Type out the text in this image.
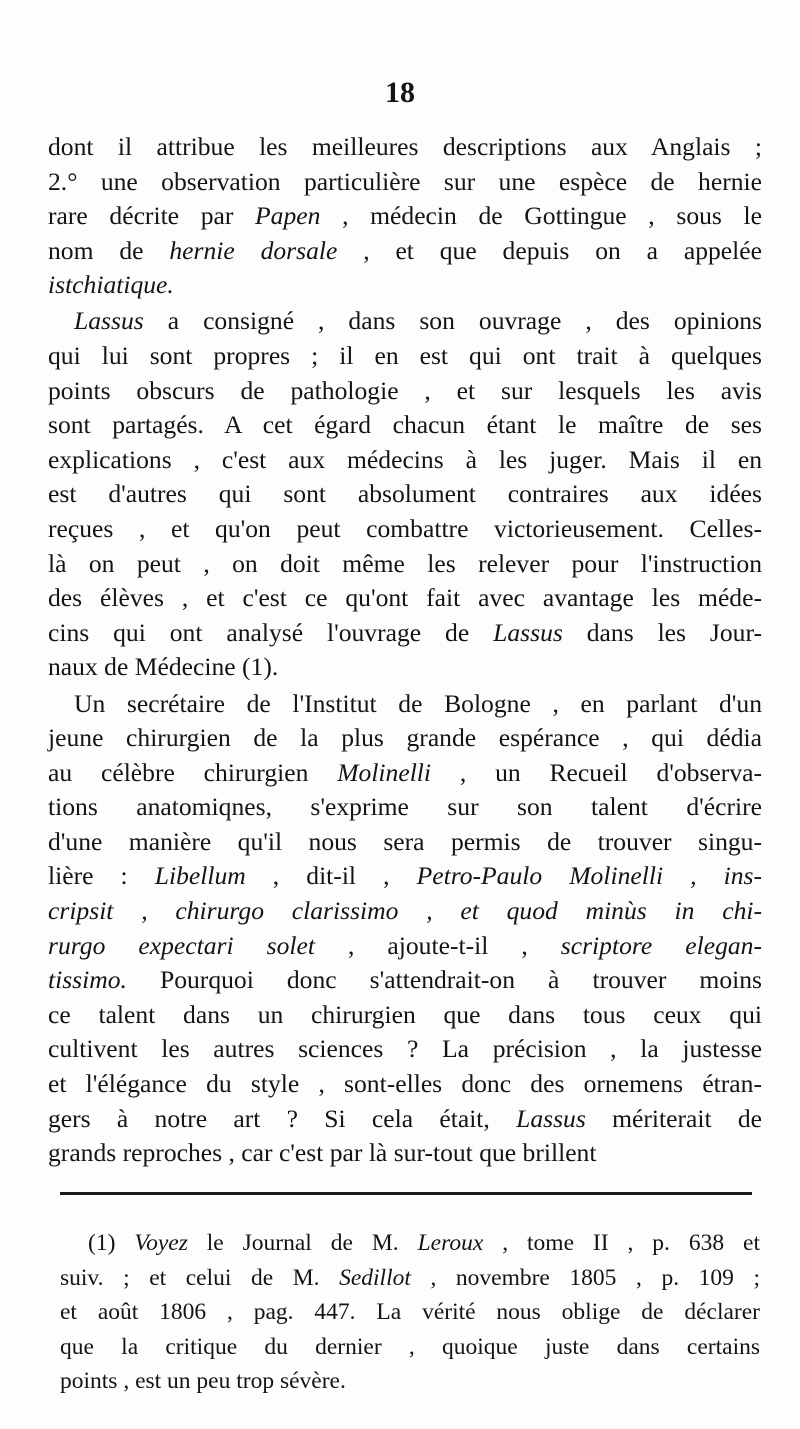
18
dont il attribue les meilleures descriptions aux Anglais ;
2.° une observation particulière sur une espèce de hernie
rare décrite par Papen , médecin de Gottingue , sous le
nom de hernie dorsale , et que depuis on a appelée
istchiatique.
Lassus a consigné , dans son ouvrage , des opinions
qui lui sont propres ; il en est qui ont trait à quelques
points obscurs de pathologie , et sur lesquels les avis
sont partagés. A cet égard chacun étant le maître de ses
explications , c'est aux médecins à les juger. Mais il en
est d'autres qui sont absolument contraires aux idées
reçues , et qu'on peut combattre victorieusement. Celles-
là on peut , on doit même les relever pour l'instruction
des élèves , et c'est ce qu'ont fait avec avantage les méde-
cins qui ont analysé l'ouvrage de Lassus dans les Jour-
naux de Médecine (1).
Un secrétaire de l'Institut de Bologne , en parlant d'un
jeune chirurgien de la plus grande espérance , qui dédia
au célèbre chirurgien Molinelli , un Recueil d'observa-
tions anatomiqnes, s'exprime sur son talent d'écrire
d'une manière qu'il nous sera permis de trouver singu-
lière : Libellum , dit-il , Petro-Paulo Molinelli , ins-
cripsit , chirurgo clarissimo , et quod minùs in chi-
rurgo expectari solet , ajoute-t-il , scriptore elegan-
tissimo. Pourquoi donc s'attendrait-on à trouver moins
ce talent dans un chirurgien que dans tous ceux qui
cultivent les autres sciences ? La précision , la justesse
et l'élégance du style , sont-elles donc des ornemens étran-
gers à notre art ? Si cela était, Lassus mériterait de
grands reproches , car c'est par là sur-tout que brillent
(1) Voyez le Journal de M. Leroux , tome II , p. 638 et
suiv. ; et celui de M. Sedillot , novembre 1805 , p. 109 ;
et août 1806 , pag. 447. La vérité nous oblige de déclarer
que la critique du dernier , quoique juste dans certains
points , est un peu trop sévère.
